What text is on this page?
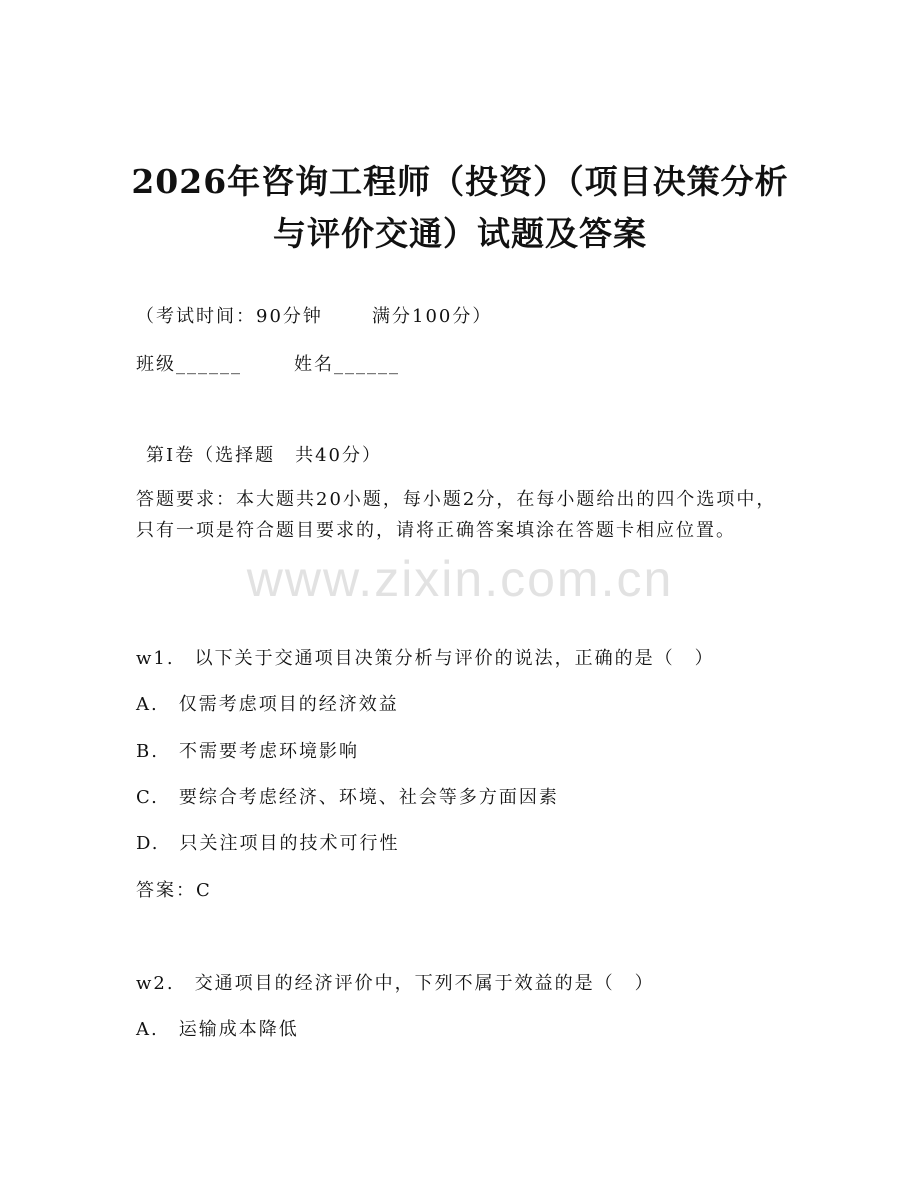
2026年咨询工程师（投资）（项目决策分析
与评价交通）试题及答案

（考试时间：90分钟	满分100分）

班级______	姓名______

第I卷（选择题　共40分）

答题要求：本大题共20小题，每小题2分，在每小题给出的四个选项中，只有一项是符合题目要求的，请将正确答案填涂在答题卡相应位置。

www.zixin.com.cn

w1.　以下关于交通项目决策分析与评价的说法，正确的是（　）

A.　仅需考虑项目的经济效益

B.　不需要考虑环境影响

C.　要综合考虑经济、环境、社会等多方面因素

D.　只关注项目的技术可行性

答案：C

w2.　交通项目的经济评价中，下列不属于效益的是（　）

A.　运输成本降低
